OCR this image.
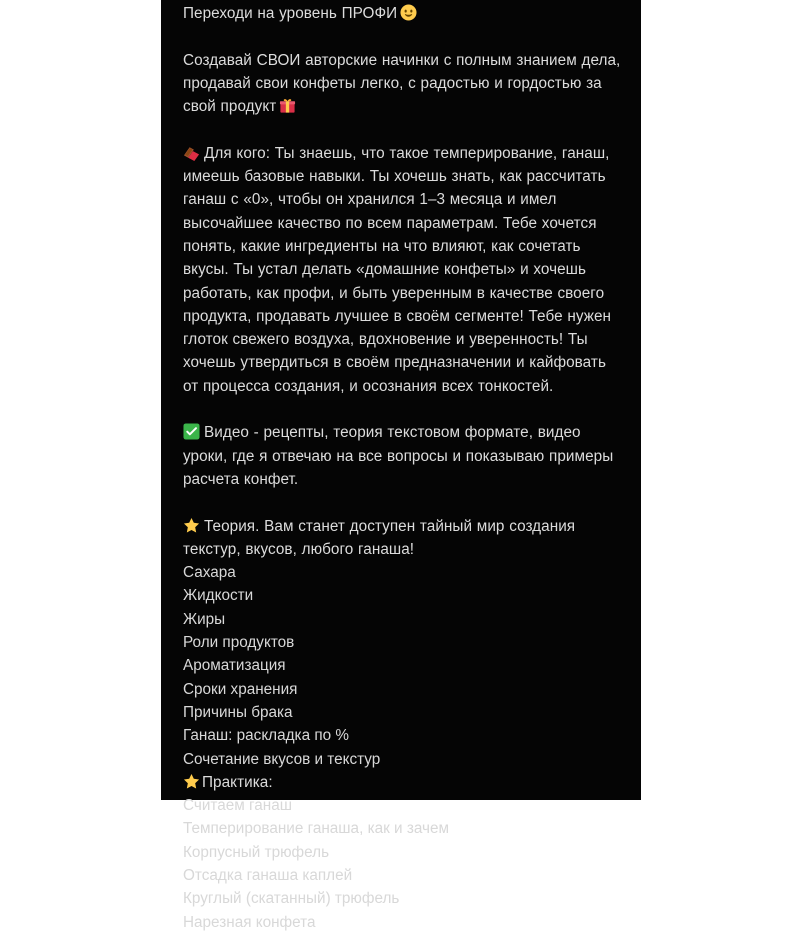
Переходи на уровень ПРОФИ

Создавай СВОИ авторские начинки с полным знанием дела, продавай свои конфеты легко, с радостью и гордостью за свой продукт

Для кого: Ты знаешь, что такое темперирование, ганаш, имеешь базовые навыки. Ты хочешь знать, как рассчитать ганаш с «0», чтобы он хранился 1–3 месяца и имел высочайшее качество по всем параметрам. Тебе хочется понять, какие ингредиенты на что влияют, как сочетать вкусы. Ты устал делать «домашние конфеты» и хочешь работать, как профи, и быть уверенным в качестве своего продукта, продавать лучшее в своём сегменте! Тебе нужен глоток свежего воздуха, вдохновение и уверенность! Ты хочешь утвердиться в своём предназначении и кайфовать от процесса создания, и осознания всех тонкостей.

Видео - рецепты, теория текстовом формате, видео уроки, где я отвечаю на все вопросы и показываю примеры расчета конфет.

Теория. Вам станет доступен тайный мир создания текстур, вкусов, любого ганаша!

Сахара

Жидкости

Жиры

Роли продуктов

Ароматизация

Сроки хранения

Причины брака

Ганаш: раскладка по %

Сочетание вкусов и текстур

Практика:

Считаем ганаш

Темперирование ганаша, как и зачем

Корпусный трюфель

Отсадка ганаша каплей

Круглый (скатанный) трюфель

Нарезная конфета
